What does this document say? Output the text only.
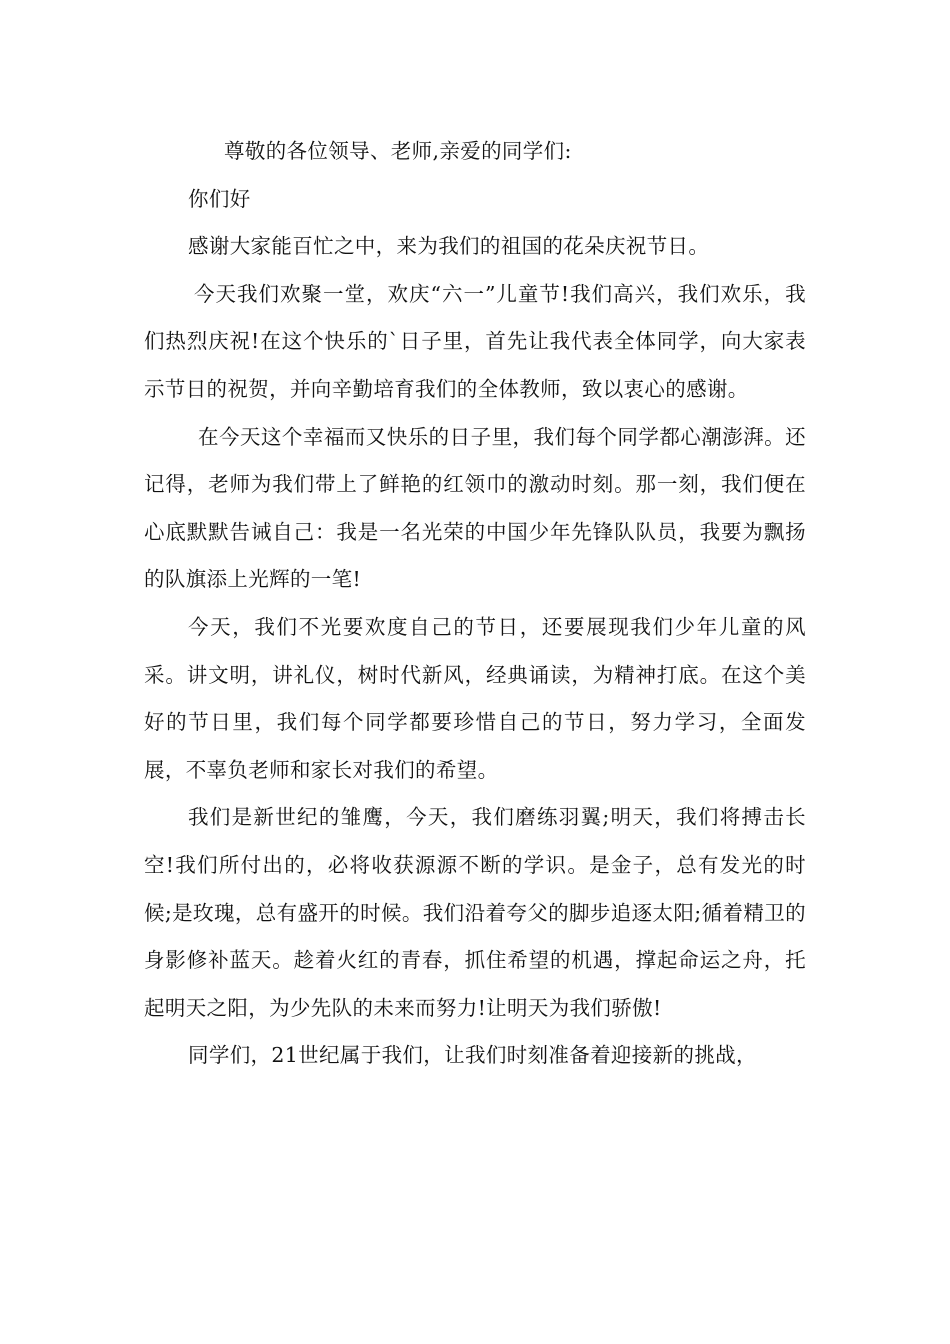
尊敬的各位领导、老师,亲爱的同学们:

你们好

感谢大家能百忙之中，来为我们的祖国的花朵庆祝节日。

今天我们欢聚一堂，欢庆“六一”儿童节!我们高兴，我们欢乐，我们热烈庆祝!在这个快乐的`日子里，首先让我代表全体同学，向大家表示节日的祝贺，并向辛勤培育我们的全体教师，致以衷心的感谢。

在今天这个幸福而又快乐的日子里，我们每个同学都心潮澎湃。还记得，老师为我们带上了鲜艳的红领巾的激动时刻。那一刻，我们便在心底默默告诫自己：我是一名光荣的中国少年先锋队队员，我要为飘扬的队旗添上光辉的一笔!

今天，我们不光要欢度自己的节日，还要展现我们少年儿童的风采。讲文明，讲礼仪，树时代新风，经典诵读，为精神打底。在这个美好的节日里，我们每个同学都要珍惜自己的节日，努力学习，全面发展，不辜负老师和家长对我们的希望。

我们是新世纪的雏鹰，今天，我们磨练羽翼;明天，我们将搏击长空!我们所付出的，必将收获源源不断的学识。是金子，总有发光的时候;是玫瑰，总有盛开的时候。我们沿着夸父的脚步追逐太阳;循着精卫的身影修补蓝天。趁着火红的青春，抓住希望的机遇，撑起命运之舟，托起明天之阳，为少先队的未来而努力!让明天为我们骄傲!

同学们，21世纪属于我们，让我们时刻准备着迎接新的挑战，
